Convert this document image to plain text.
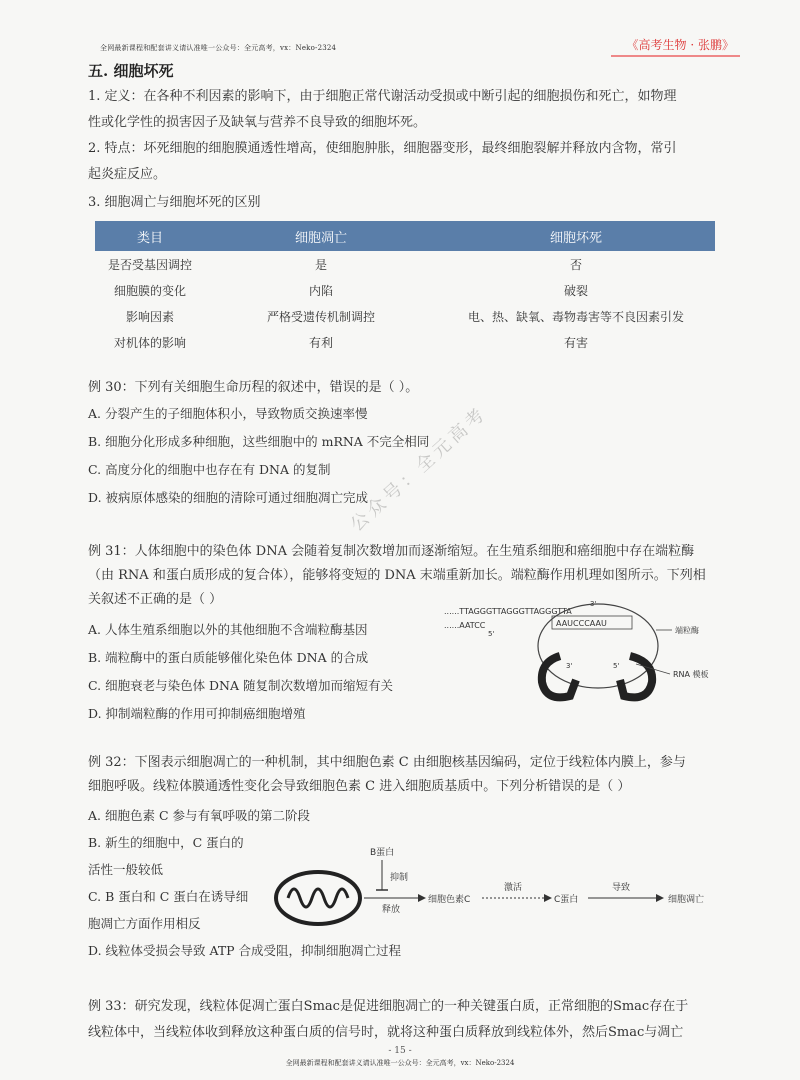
全网最新课程和配套讲义请认准唯一公众号：全元高考，vx：Neko-2324	《高考生物 · 张鹏》
五. 细胞坏死
1. 定义：在各种不利因素的影响下，由于细胞正常代谢活动受损或中断引起的细胞损伤和死亡，如物理
性或化学性的损害因子及缺氧与营养不良导致的细胞坏死。
2. 特点：坏死细胞的细胞膜通透性增高，使细胞肿胀，细胞器变形，最终细胞裂解并释放内含物，常引
起炎症反应。
3. 细胞凋亡与细胞坏死的区别
类目	细胞凋亡	细胞坏死
是否受基因调控	是	否
细胞膜的变化	内陷	破裂
影响因素	严格受遗传机制调控	电、热、缺氧、毒物毒害等不良因素引发
对机体的影响	有利	有害
例 30：下列有关细胞生命历程的叙述中，错误的是（ ）。
A. 分裂产生的子细胞体积小，导致物质交换速率慢
B. 细胞分化形成多种细胞，这些细胞中的 mRNA 不完全相同
C. 高度分化的细胞中也存在有 DNA 的复制
D. 被病原体感染的细胞的清除可通过细胞凋亡完成
公众号：全元高考
例 31：人体细胞中的染色体 DNA 会随着复制次数增加而逐渐缩短。在生殖系细胞和癌细胞中存在端粒酶
（由 RNA 和蛋白质形成的复合体），能够将变短的 DNA 末端重新加长。端粒酶作用机理如图所示。下列相
关叙述不正确的是（ ）
A. 人体生殖系细胞以外的其他细胞不含端粒酶基因
B. 端粒酶中的蛋白质能够催化染色体 DNA 的合成
C. 细胞衰老与染色体 DNA 随复制次数增加而缩短有关
D. 抑制端粒酶的作用可抑制癌细胞增殖
......TTAGGGTTAGGGTTAGGGTTA
3'
......AATCC
5'
AAUCCCAAU
3'	5'
端粒酶
RNA 模板
例 32：下图表示细胞凋亡的一种机制，其中细胞色素 C 由细胞核基因编码，定位于线粒体内膜上，参与
细胞呼吸。线粒体膜通透性变化会导致细胞色素 C 进入细胞质基质中。下列分析错误的是（ ）
A. 细胞色素 C 参与有氧呼吸的第二阶段
B. 新生的细胞中，C 蛋白的
活性一般较低
C. B 蛋白和 C 蛋白在诱导细
胞凋亡方面作用相反
D. 线粒体受损会导致 ATP 合成受阻，抑制细胞凋亡过程
B蛋白
抑制
释放
细胞色素C
激活
C蛋白
导致
细胞凋亡
例 33：研究发现，线粒体促凋亡蛋白Smac是促进细胞凋亡的一种关键蛋白质，正常细胞的Smac存在于
线粒体中，当线粒体收到释放这种蛋白质的信号时，就将这种蛋白质释放到线粒体外，然后Smac与凋亡
- 15 -
全网最新课程和配套讲义请认准唯一公众号：全元高考，vx：Neko-2324
